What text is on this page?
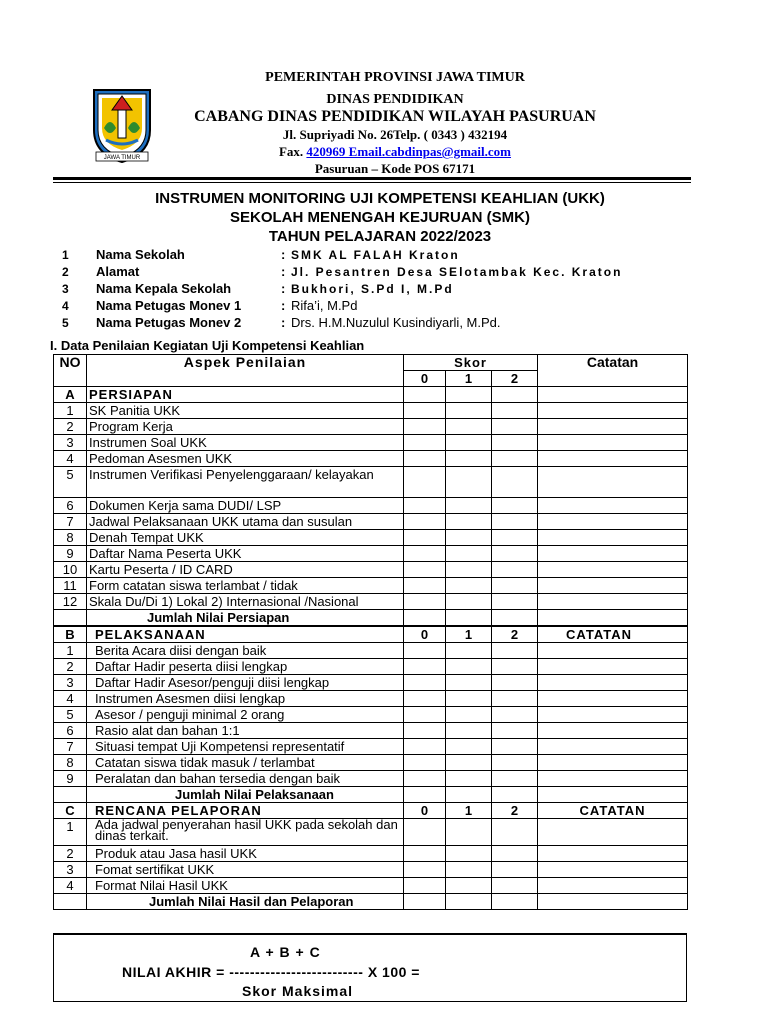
JAWA TIMUR
PEMERINTAH PROVINSI JAWA TIMUR
DINAS PENDIDIKAN
CABANG DINAS PENDIDIKAN WILAYAH PASURUAN
Jl. Supriyadi No. 26Telp. ( 0343 ) 432194
Fax. 420969 Email.cabdinpas@gmail.com
Pasuruan – Kode POS 67171
INSTRUMEN MONITORING UJI KOMPETENSI KEAHLIAN (UKK)
SEKOLAH MENENGAH KEJURUAN (SMK)
TAHUN PELAJARAN 2022/2023
1	Nama Sekolah	: SMK AL FALAH Kraton
2	Alamat	: Jl. Pesantren Desa SElotambak Kec. Kraton
3	Nama Kepala Sekolah	: Bukhori, S.Pd I, M.Pd
4	Nama Petugas Monev 1	: Rifa’i, M.Pd
5	Nama Petugas Monev 2	: Drs. H.M.Nuzulul Kusindiyarli, M.Pd.
I. Data Penilaian Kegiatan Uji Kompetensi Keahlian
NO	Aspek Penilaian	Skor			Catatan
		0	1	2	
A	PERSIAPAN				
1	SK Panitia UKK				
2	Program Kerja				
3	Instrumen Soal UKK				
4	Pedoman Asesmen UKK				
5	Instrumen Verifikasi Penyelenggaraan/ kelayakan				
6	Dokumen Kerja sama DUDI/ LSP				
7	Jadwal Pelaksanaan UKK utama dan susulan				
8	Denah Tempat UKK				
9	Daftar Nama Peserta UKK				
10	Kartu Peserta / ID CARD				
11	Form catatan siswa terlambat / tidak				
12	Skala Du/Di 1) Lokal 2) Internasional /Nasional				
	Jumlah Nilai Persiapan				
B	PELAKSANAAN	0	1	2	CATATAN
1	Berita Acara diisi dengan baik				
2	Daftar Hadir peserta diisi lengkap				
3	Daftar Hadir Asesor/penguji diisi lengkap				
4	Instrumen Asesmen diisi lengkap				
5	Asesor / penguji minimal 2 orang				
6	Rasio alat dan bahan 1:1				
7	Situasi tempat Uji Kompetensi representatif				
8	Catatan siswa tidak masuk / terlambat				
9	Peralatan dan bahan tersedia dengan baik				
	Jumlah Nilai Pelaksanaan				
C	RENCANA PELAPORAN	0	1	2	CATATAN
1	Ada jadwal penyerahan hasil UKK pada sekolah dan dinas terkait.				
2	Produk atau Jasa hasil UKK				
3	Fomat sertifikat UKK				
4	Format Nilai Hasil UKK				
	Jumlah Nilai Hasil dan Pelaporan				
A + B + C
NILAI AKHIR = -------------------------- X 100 =
Skor Maksimal
